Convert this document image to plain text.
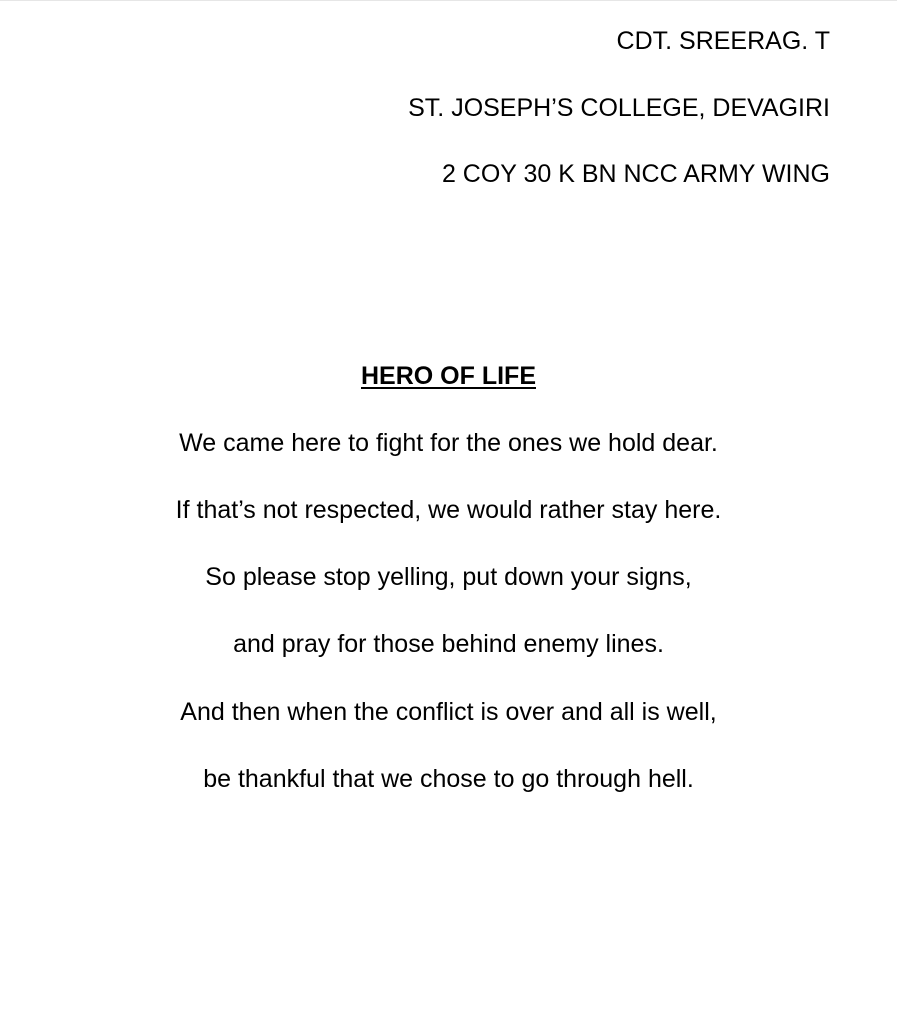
CDT. SREERAG. T
ST. JOSEPH’S COLLEGE, DEVAGIRI
2 COY 30 K BN NCC ARMY WING
HERO OF LIFE
We came here to fight for the ones we hold dear.
If that’s not respected, we would rather stay here.
So please stop yelling, put down your signs,
and pray for those behind enemy lines.
And then when the conflict is over and all is well,
be thankful that we chose to go through hell.
